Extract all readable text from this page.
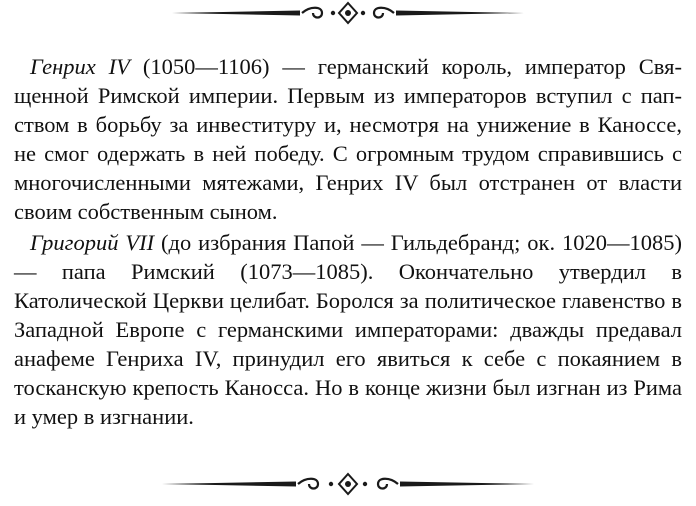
Генрих IV (1050—1106) — германский король, император Священной Римской империи. Первым из императоров вступил с папством в борьбу за инвеституру и, несмотря на унижение в Каноссе, не смог одержать в ней победу. С огромным трудом справившись с многочисленными мятежами, Генрих IV был отстранен от власти своим собственным сыном.

Григорий VII (до избрания Папой — Гильдебранд; ок. 1020—1085) — папа Римский (1073—1085). Окончательно утвердил в Католической Церкви целибат. Боролся за политическое главенство в Западной Европе с германскими императорами: дважды предавал анафеме Генриха IV, принудил его явиться к себе с покаянием в тосканскую крепость Каносса. Но в конце жизни был изгнан из Рима и умер в изгнании.
